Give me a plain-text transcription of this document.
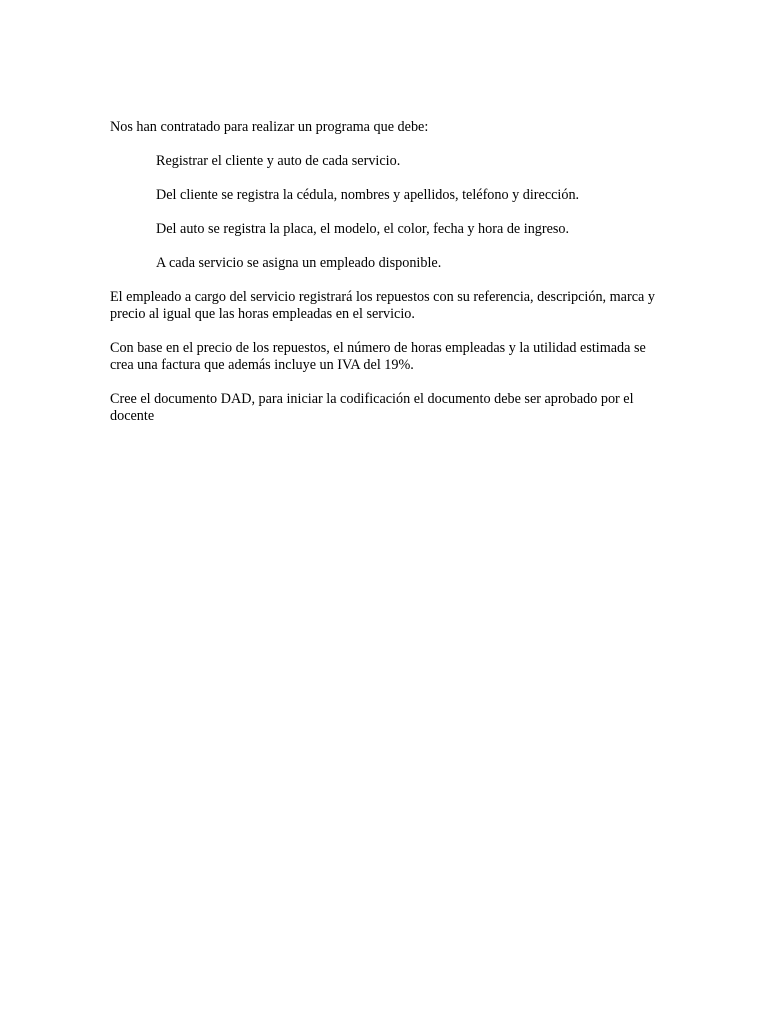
Nos han contratado para realizar un programa que debe:

Registrar el cliente y auto de cada servicio.

Del cliente se registra la cédula, nombres y apellidos, teléfono y dirección.

Del auto se registra la placa, el modelo, el color, fecha y hora de ingreso.

A cada servicio se asigna un empleado disponible.

El empleado a cargo del servicio registrará los repuestos con su referencia, descripción, marca y precio al igual que las horas empleadas en el servicio.

Con base en el precio de los repuestos, el número de horas empleadas y la utilidad estimada se crea una factura que además incluye un IVA del 19%.

Cree el documento DAD, para iniciar la codificación el documento debe ser aprobado por el docente
